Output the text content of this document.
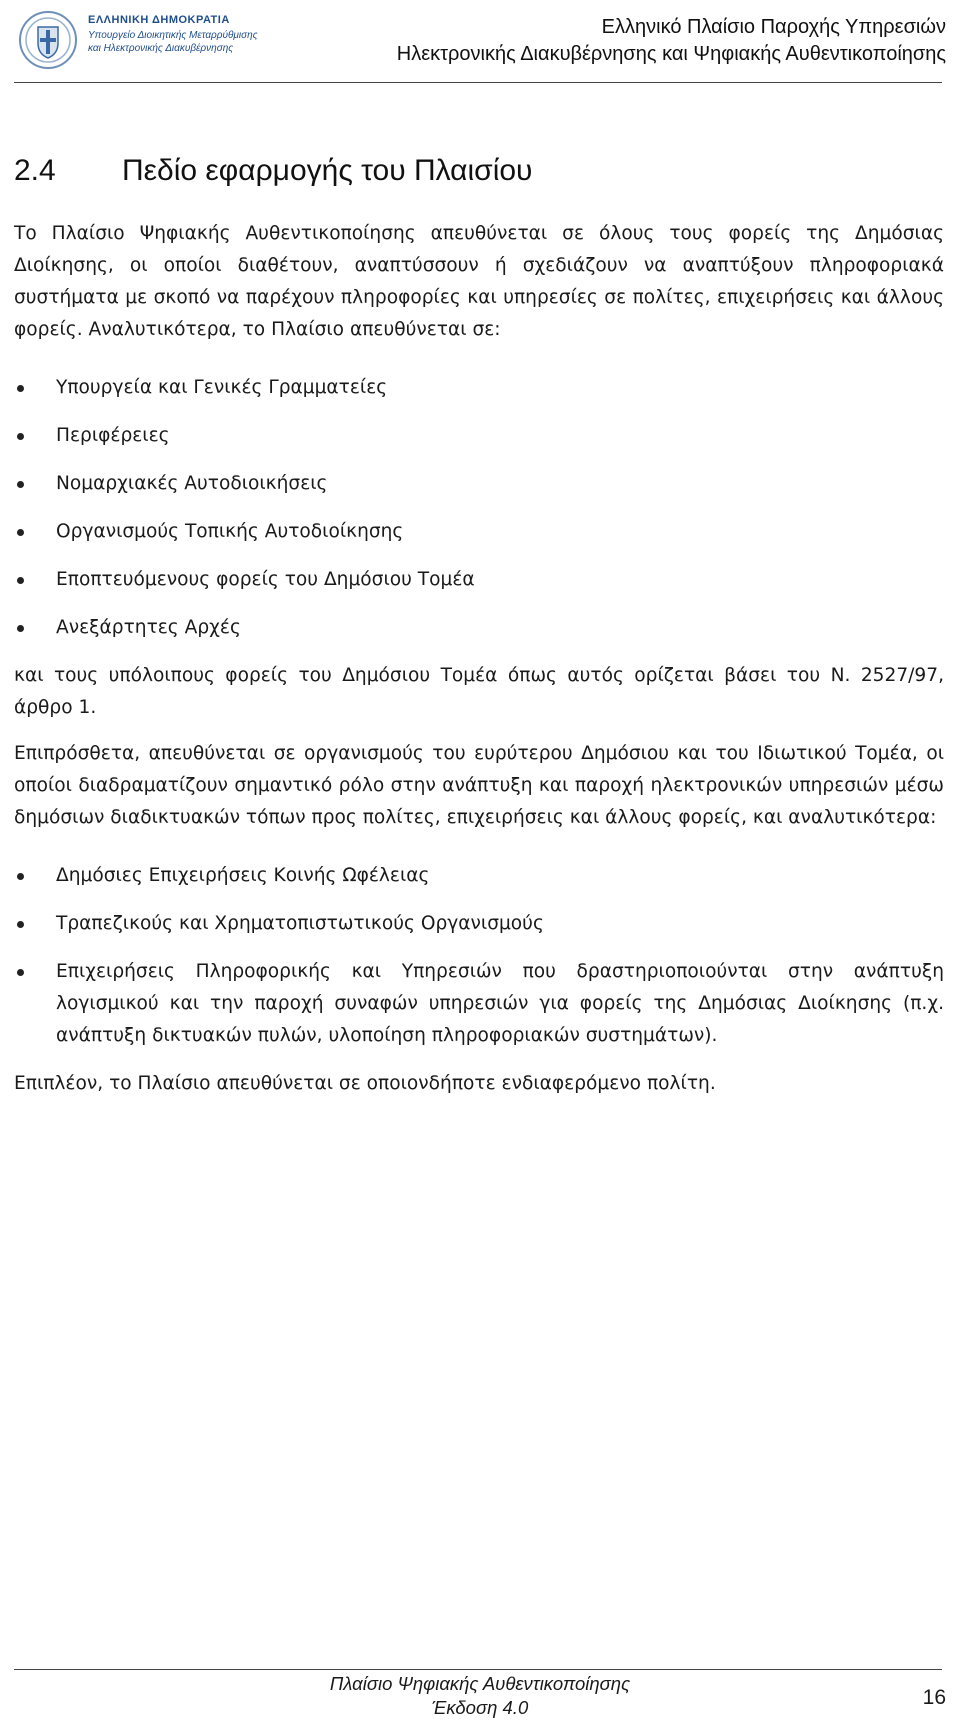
ΕΛΛΗΝΙΚΗ ΔΗΜΟΚΡΑΤΙΑ
Υπουργείο Διοικητικής Μεταρρύθμισης
και Ηλεκτρονικής Διακυβέρνησης
Ελληνικό Πλαίσιο Παροχής Υπηρεσιών
Ηλεκτρονικής Διακυβέρνησης και Ψηφιακής Αυθεντικοποίησης
2.4 Πεδίο εφαρμογής του Πλαισίου

Το Πλαίσιο Ψηφιακής Αυθεντικοποίησης απευθύνεται σε όλους τους φορείς της Δημόσιας Διοίκησης, οι οποίοι διαθέτουν, αναπτύσσουν ή σχεδιάζουν να αναπτύξουν πληροφοριακά συστήματα με σκοπό να παρέχουν πληροφορίες και υπηρεσίες σε πολίτες, επιχειρήσεις και άλλους φορείς. Αναλυτικότερα, το Πλαίσιο απευθύνεται σε:

Υπουργεία και Γενικές Γραμματείες
Περιφέρειες
Νομαρχιακές Αυτοδιοικήσεις
Οργανισμούς Τοπικής Αυτοδιοίκησης
Εποπτευόμενους φορείς του Δημόσιου Τομέα
Ανεξάρτητες Αρχές

και τους υπόλοιπους φορείς του Δημόσιου Τομέα όπως αυτός ορίζεται βάσει του Ν. 2527/97, άρθρο 1.

Επιπρόσθετα, απευθύνεται σε οργανισμούς του ευρύτερου Δημόσιου και του Ιδιωτικού Τομέα, οι οποίοι διαδραματίζουν σημαντικό ρόλο στην ανάπτυξη και παροχή ηλεκτρονικών υπηρεσιών μέσω δημόσιων διαδικτυακών τόπων προς πολίτες, επιχειρήσεις και άλλους φορείς, και αναλυτικότερα:

Δημόσιες Επιχειρήσεις Κοινής Ωφέλειας
Τραπεζικούς και Χρηματοπιστωτικούς Οργανισμούς
Επιχειρήσεις Πληροφορικής και Υπηρεσιών που δραστηριοποιούνται στην ανάπτυξη λογισμικού και την παροχή συναφών υπηρεσιών για φορείς της Δημόσιας Διοίκησης (π.χ. ανάπτυξη δικτυακών πυλών, υλοποίηση πληροφοριακών συστημάτων).

Επιπλέον, το Πλαίσιο απευθύνεται σε οποιονδήποτε ενδιαφερόμενο πολίτη.

Πλαίσιο Ψηφιακής Αυθεντικοποίησης
Έκδοση 4.0	16
